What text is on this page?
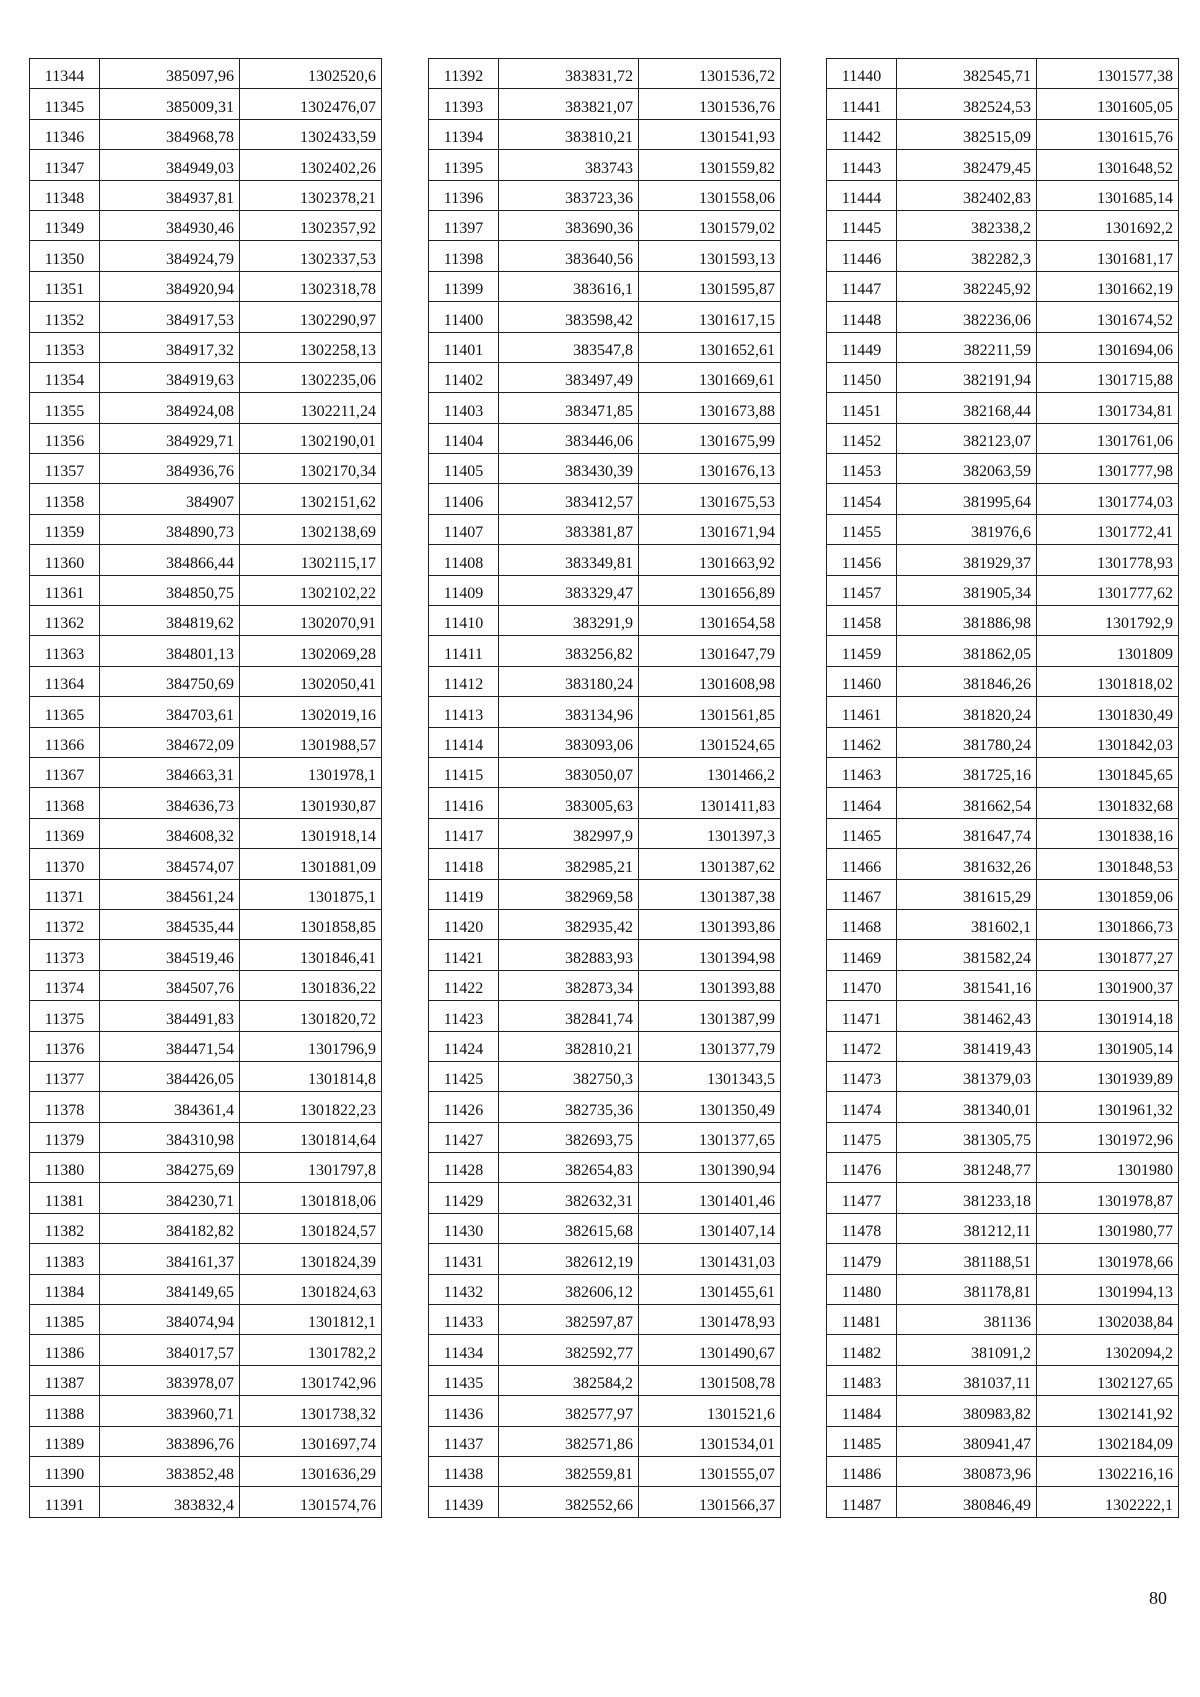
11344	385097,96	1302520,6
11345	385009,31	1302476,07
11346	384968,78	1302433,59
11347	384949,03	1302402,26
11348	384937,81	1302378,21
11349	384930,46	1302357,92
11350	384924,79	1302337,53
11351	384920,94	1302318,78
11352	384917,53	1302290,97
11353	384917,32	1302258,13
11354	384919,63	1302235,06
11355	384924,08	1302211,24
11356	384929,71	1302190,01
11357	384936,76	1302170,34
11358	384907	1302151,62
11359	384890,73	1302138,69
11360	384866,44	1302115,17
11361	384850,75	1302102,22
11362	384819,62	1302070,91
11363	384801,13	1302069,28
11364	384750,69	1302050,41
11365	384703,61	1302019,16
11366	384672,09	1301988,57
11367	384663,31	1301978,1
11368	384636,73	1301930,87
11369	384608,32	1301918,14
11370	384574,07	1301881,09
11371	384561,24	1301875,1
11372	384535,44	1301858,85
11373	384519,46	1301846,41
11374	384507,76	1301836,22
11375	384491,83	1301820,72
11376	384471,54	1301796,9
11377	384426,05	1301814,8
11378	384361,4	1301822,23
11379	384310,98	1301814,64
11380	384275,69	1301797,8
11381	384230,71	1301818,06
11382	384182,82	1301824,57
11383	384161,37	1301824,39
11384	384149,65	1301824,63
11385	384074,94	1301812,1
11386	384017,57	1301782,2
11387	383978,07	1301742,96
11388	383960,71	1301738,32
11389	383896,76	1301697,74
11390	383852,48	1301636,29
11391	383832,4	1301574,76
11392	383831,72	1301536,72
11393	383821,07	1301536,76
11394	383810,21	1301541,93
11395	383743	1301559,82
11396	383723,36	1301558,06
11397	383690,36	1301579,02
11398	383640,56	1301593,13
11399	383616,1	1301595,87
11400	383598,42	1301617,15
11401	383547,8	1301652,61
11402	383497,49	1301669,61
11403	383471,85	1301673,88
11404	383446,06	1301675,99
11405	383430,39	1301676,13
11406	383412,57	1301675,53
11407	383381,87	1301671,94
11408	383349,81	1301663,92
11409	383329,47	1301656,89
11410	383291,9	1301654,58
11411	383256,82	1301647,79
11412	383180,24	1301608,98
11413	383134,96	1301561,85
11414	383093,06	1301524,65
11415	383050,07	1301466,2
11416	383005,63	1301411,83
11417	382997,9	1301397,3
11418	382985,21	1301387,62
11419	382969,58	1301387,38
11420	382935,42	1301393,86
11421	382883,93	1301394,98
11422	382873,34	1301393,88
11423	382841,74	1301387,99
11424	382810,21	1301377,79
11425	382750,3	1301343,5
11426	382735,36	1301350,49
11427	382693,75	1301377,65
11428	382654,83	1301390,94
11429	382632,31	1301401,46
11430	382615,68	1301407,14
11431	382612,19	1301431,03
11432	382606,12	1301455,61
11433	382597,87	1301478,93
11434	382592,77	1301490,67
11435	382584,2	1301508,78
11436	382577,97	1301521,6
11437	382571,86	1301534,01
11438	382559,81	1301555,07
11439	382552,66	1301566,37
11440	382545,71	1301577,38
11441	382524,53	1301605,05
11442	382515,09	1301615,76
11443	382479,45	1301648,52
11444	382402,83	1301685,14
11445	382338,2	1301692,2
11446	382282,3	1301681,17
11447	382245,92	1301662,19
11448	382236,06	1301674,52
11449	382211,59	1301694,06
11450	382191,94	1301715,88
11451	382168,44	1301734,81
11452	382123,07	1301761,06
11453	382063,59	1301777,98
11454	381995,64	1301774,03
11455	381976,6	1301772,41
11456	381929,37	1301778,93
11457	381905,34	1301777,62
11458	381886,98	1301792,9
11459	381862,05	1301809
11460	381846,26	1301818,02
11461	381820,24	1301830,49
11462	381780,24	1301842,03
11463	381725,16	1301845,65
11464	381662,54	1301832,68
11465	381647,74	1301838,16
11466	381632,26	1301848,53
11467	381615,29	1301859,06
11468	381602,1	1301866,73
11469	381582,24	1301877,27
11470	381541,16	1301900,37
11471	381462,43	1301914,18
11472	381419,43	1301905,14
11473	381379,03	1301939,89
11474	381340,01	1301961,32
11475	381305,75	1301972,96
11476	381248,77	1301980
11477	381233,18	1301978,87
11478	381212,11	1301980,77
11479	381188,51	1301978,66
11480	381178,81	1301994,13
11481	381136	1302038,84
11482	381091,2	1302094,2
11483	381037,11	1302127,65
11484	380983,82	1302141,92
11485	380941,47	1302184,09
11486	380873,96	1302216,16
11487	380846,49	1302222,1
80
